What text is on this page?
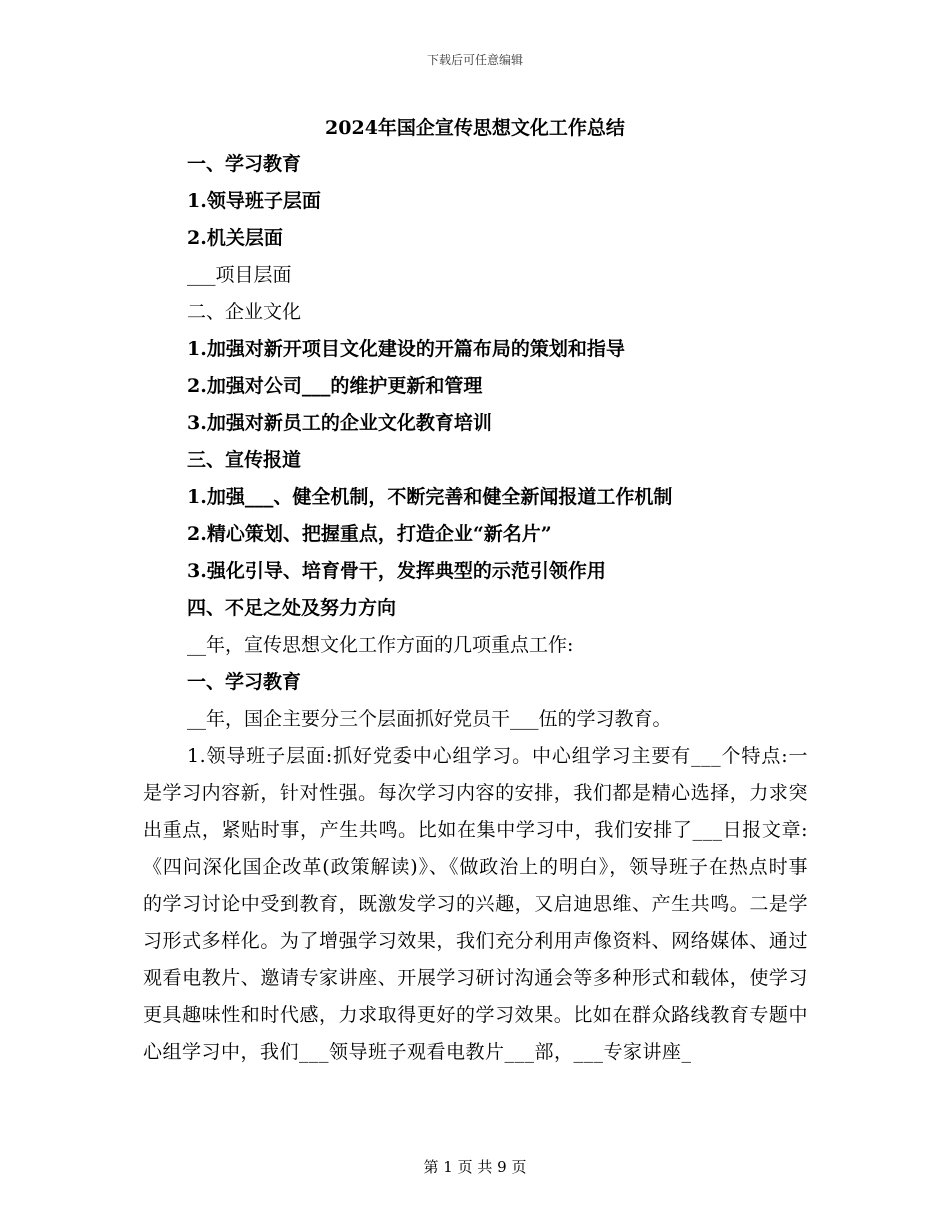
下载后可任意编辑
2024年国企宣传思想文化工作总结

一、学习教育

1.领导班子层面

2.机关层面

___项目层面

二、企业文化

1.加强对新开项目文化建设的开篇布局的策划和指导

2.加强对公司___的维护更新和管理

3.加强对新员工的企业文化教育培训

三、宣传报道

1.加强___、健全机制，不断完善和健全新闻报道工作机制

2.精心策划、把握重点，打造企业“新名片”

3.强化引导、培育骨干，发挥典型的示范引领作用

四、不足之处及努力方向

__年，宣传思想文化工作方面的几项重点工作:

一、学习教育

__年，国企主要分三个层面抓好党员干___伍的学习教育。

1.领导班子层面:抓好党委中心组学习。中心组学习主要有___个特点:一是学习内容新，针对性强。每次学习内容的安排，我们都是精心选择，力求突出重点，紧贴时事，产生共鸣。比如在集中学习中，我们安排了___日报文章:《四问深化国企改革(政策解读)》、《做政治上的明白》，领导班子在热点时事的学习讨论中受到教育，既激发学习的兴趣，又启迪思维、产生共鸣。二是学习形式多样化。为了增强学习效果，我们充分利用声像资料、网络媒体、通过观看电教片、邀请专家讲座、开展学习研讨沟通会等多种形式和载体，使学习更具趣味性和时代感，力求取得更好的学习效果。比如在群众路线教育专题中心组学习中，我们___领导班子观看电教片___部，___专家讲座_

第 1 页 共 9 页
